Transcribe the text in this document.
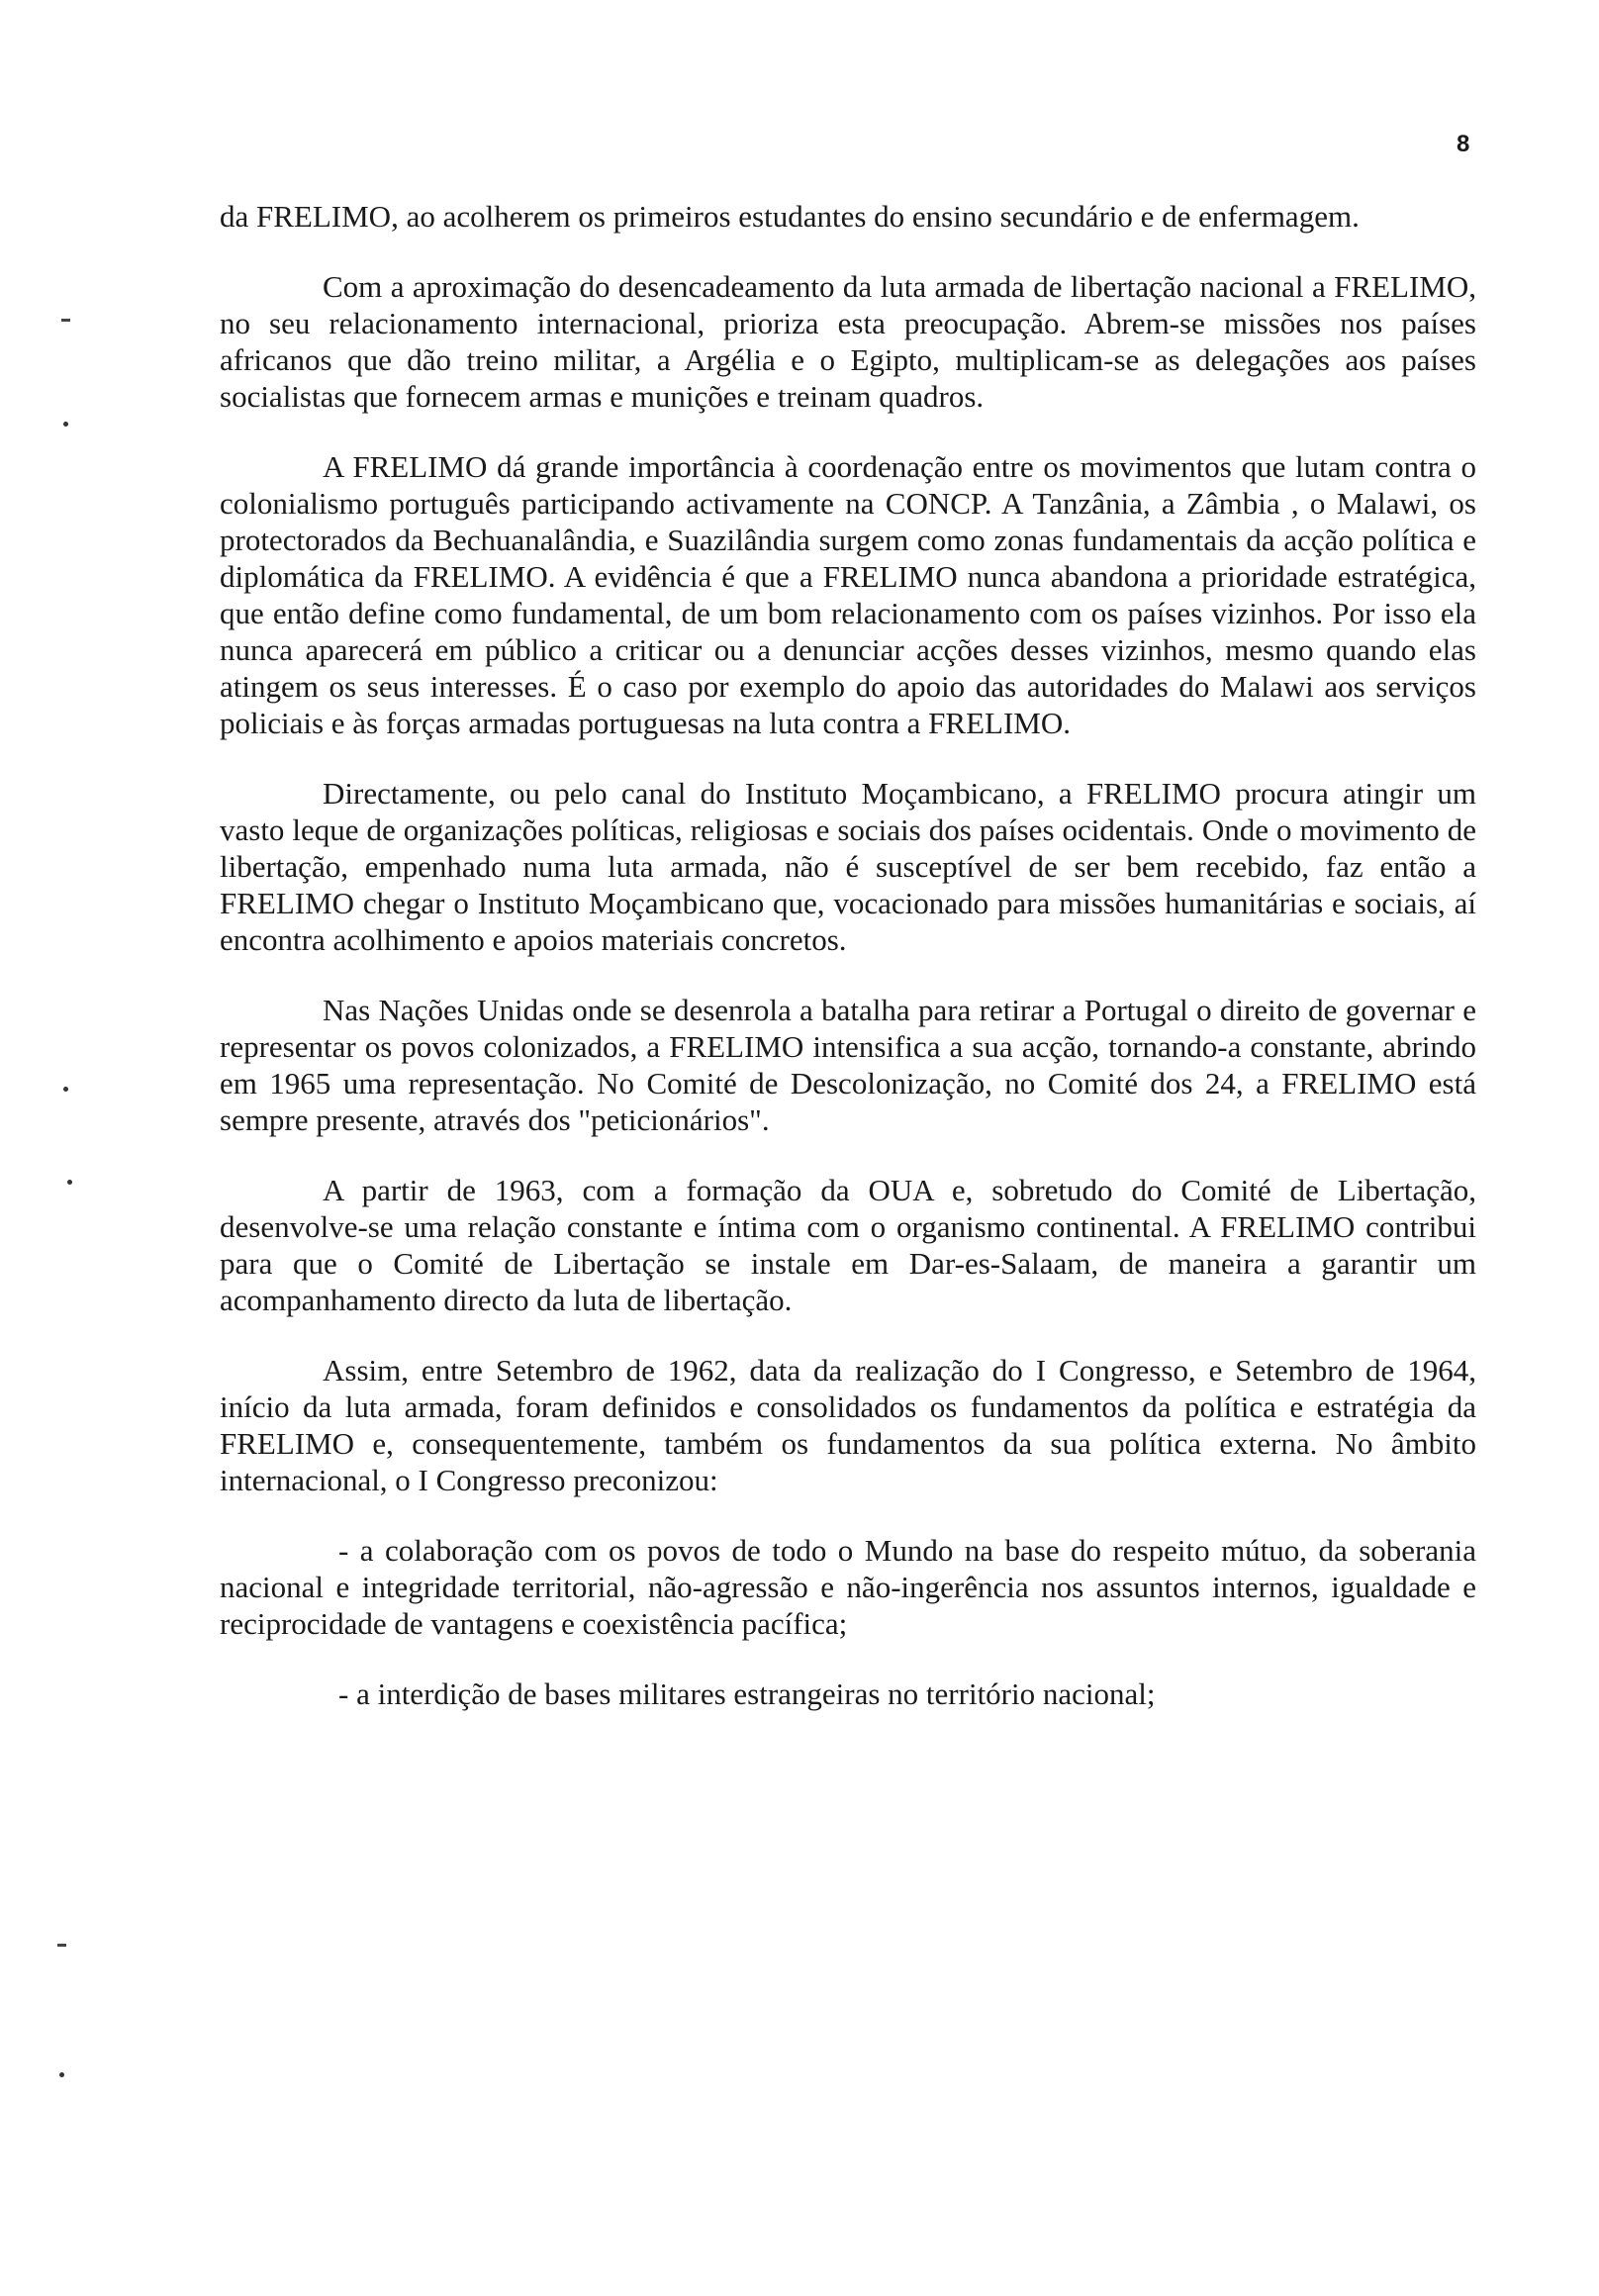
8

da FRELIMO, ao acolherem os primeiros estudantes do ensino secundário e de enfermagem.

Com a aproximação do desencadeamento da luta armada de libertação nacional a FRELIMO, no seu relacionamento internacional, prioriza esta preocupação. Abrem-se missões nos países africanos que dão treino militar, a Argélia e o Egipto, multiplicam-se as delegações aos países socialistas que fornecem armas e munições e treinam quadros.

A FRELIMO dá grande importância à coordenação entre os movimentos que lutam contra o colonialismo português participando activamente na CONCP. A Tanzânia, a Zâmbia , o Malawi, os protectorados da Bechuanalândia, e Suazilândia surgem como zonas fundamentais da acção política e diplomática da FRELIMO. A evidência é que a FRELIMO nunca abandona a prioridade estratégica, que então define como fundamental, de um bom relacionamento com os países vizinhos. Por isso ela nunca aparecerá em público a criticar ou a denunciar acções desses vizinhos, mesmo quando elas atingem os seus interesses. É o caso por exemplo do apoio das autoridades do Malawi aos serviços policiais e às forças armadas portuguesas na luta contra a FRELIMO.

Directamente, ou pelo canal do Instituto Moçambicano, a FRELIMO procura atingir um vasto leque de organizações políticas, religiosas e sociais dos países ocidentais. Onde o movimento de libertação, empenhado numa luta armada, não é susceptível de ser bem recebido, faz então a FRELIMO chegar o Instituto Moçambicano que, vocacionado para missões humanitárias e sociais, aí encontra acolhimento e apoios materiais concretos.

Nas Nações Unidas onde se desenrola a batalha para retirar a Portugal o direito de governar e representar os povos colonizados, a FRELIMO intensifica a sua acção, tornando-a constante, abrindo em 1965 uma representação. No Comité de Descolonização, no Comité dos 24, a FRELIMO está sempre presente, através dos "peticionários".

A partir de 1963, com a formação da OUA e, sobretudo do Comité de Libertação, desenvolve-se uma relação constante e íntima com o organismo continental. A FRELIMO contribui para que o Comité de Libertação se instale em Dar-es-Salaam, de maneira a garantir um acompanhamento directo da luta de libertação.

Assim, entre Setembro de 1962, data da realização do I Congresso, e Setembro de 1964, início da luta armada, foram definidos e consolidados os fundamentos da política e estratégia da FRELIMO e, consequentemente, também os fundamentos da sua política externa. No âmbito internacional, o I Congresso preconizou:

- a colaboração com os povos de todo o Mundo na base do respeito mútuo, da soberania nacional e integridade territorial, não-agressão e não-ingerência nos assuntos internos, igualdade e reciprocidade de vantagens e coexistência pacífica;

- a interdição de bases militares estrangeiras no território nacional;
